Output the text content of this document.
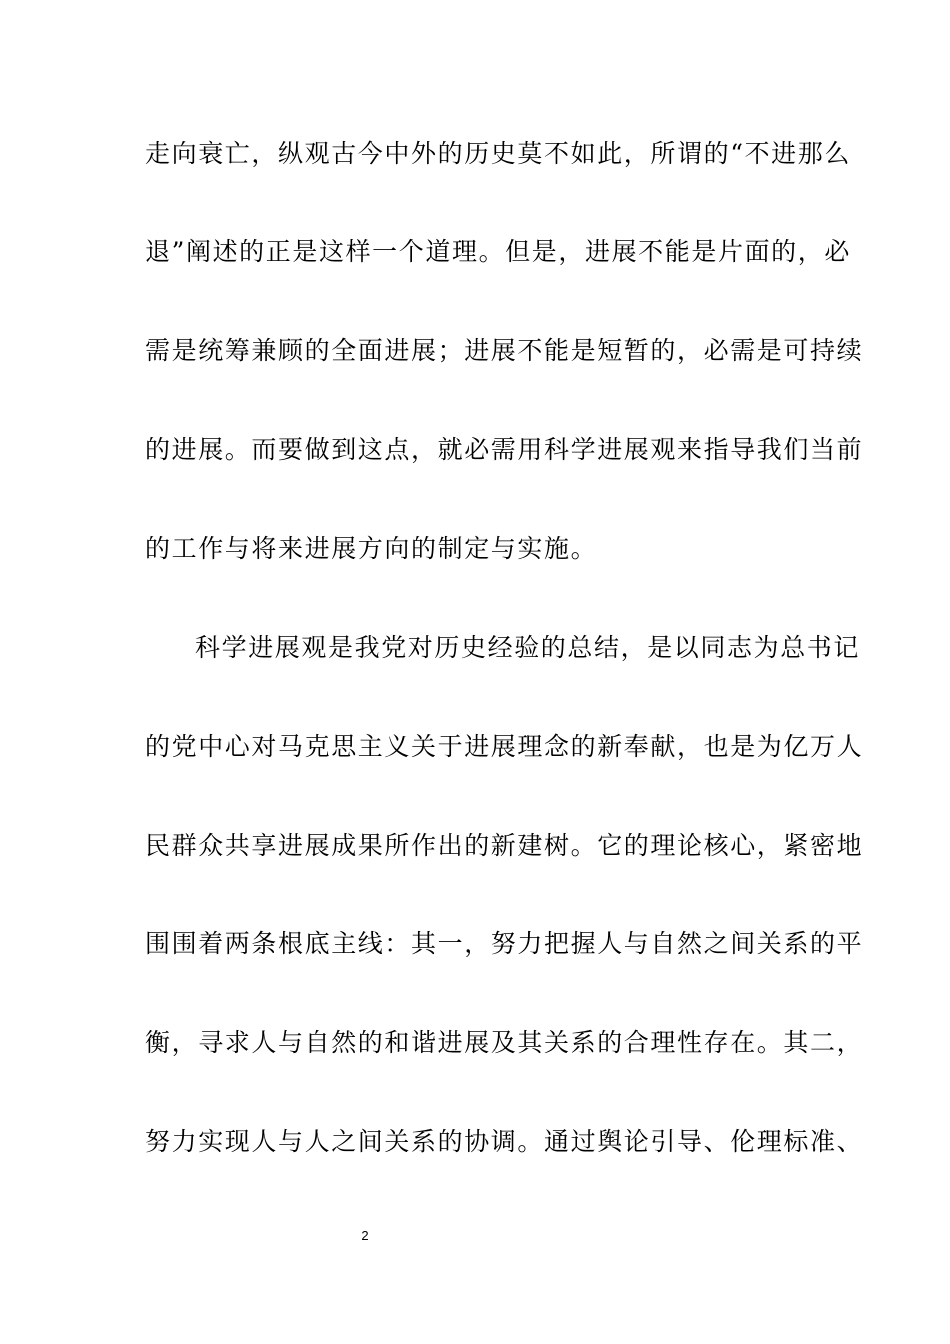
走向衰亡，纵观古今中外的历史莫不如此，所谓的“不进那么
退”阐述的正是这样一个道理。但是，进展不能是片面的，必
需是统筹兼顾的全面进展；进展不能是短暂的，必需是可持续
的进展。而要做到这点，就必需用科学进展观来指导我们当前
的工作与将来进展方向的制定与实施。
科学进展观是我党对历史经验的总结，是以同志为总书记
的党中心对马克思主义关于进展理念的新奉献，也是为亿万人
民群众共享进展成果所作出的新建树。它的理论核心，紧密地
围围着两条根底主线：其一，努力把握人与自然之间关系的平
衡，寻求人与自然的和谐进展及其关系的合理性存在。其二，
努力实现人与人之间关系的协调。通过舆论引导、伦理标准、
2
